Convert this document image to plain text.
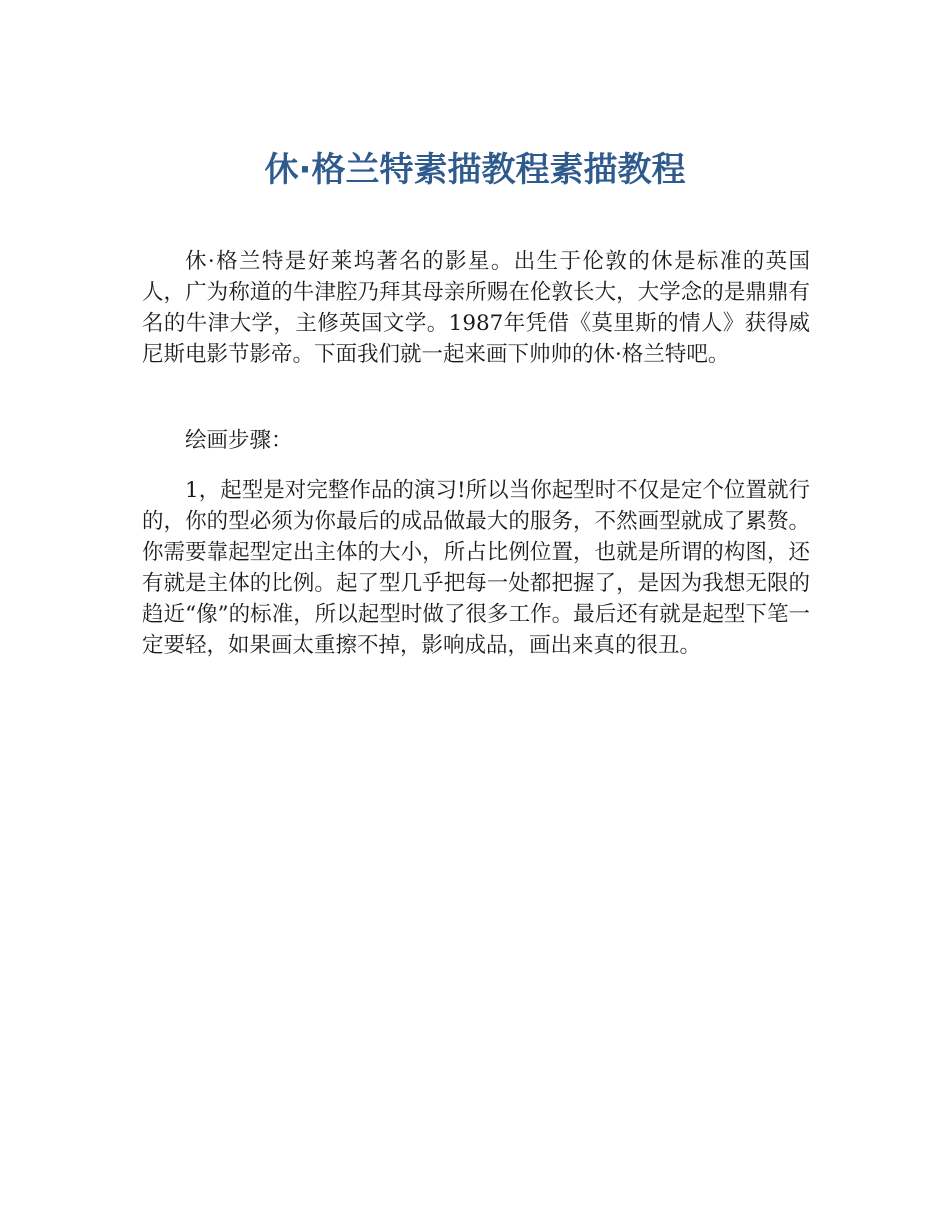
休·格兰特素描教程素描教程

休·格兰特是好莱坞著名的影星。出生于伦敦的休是标准的英国人，广为称道的牛津腔乃拜其母亲所赐在伦敦长大，大学念的是鼎鼎有名的牛津大学，主修英国文学。1987年凭借《莫里斯的情人》获得威尼斯电影节影帝。下面我们就一起来画下帅帅的休·格兰特吧。

绘画步骤：

1，起型是对完整作品的演习!所以当你起型时不仅是定个位置就行的，你的型必须为你最后的成品做最大的服务，不然画型就成了累赘。你需要靠起型定出主体的大小，所占比例位置，也就是所谓的构图，还有就是主体的比例。起了型几乎把每一处都把握了，是因为我想无限的趋近“像”的标准，所以起型时做了很多工作。最后还有就是起型下笔一定要轻，如果画太重擦不掉，影响成品，画出来真的很丑。
